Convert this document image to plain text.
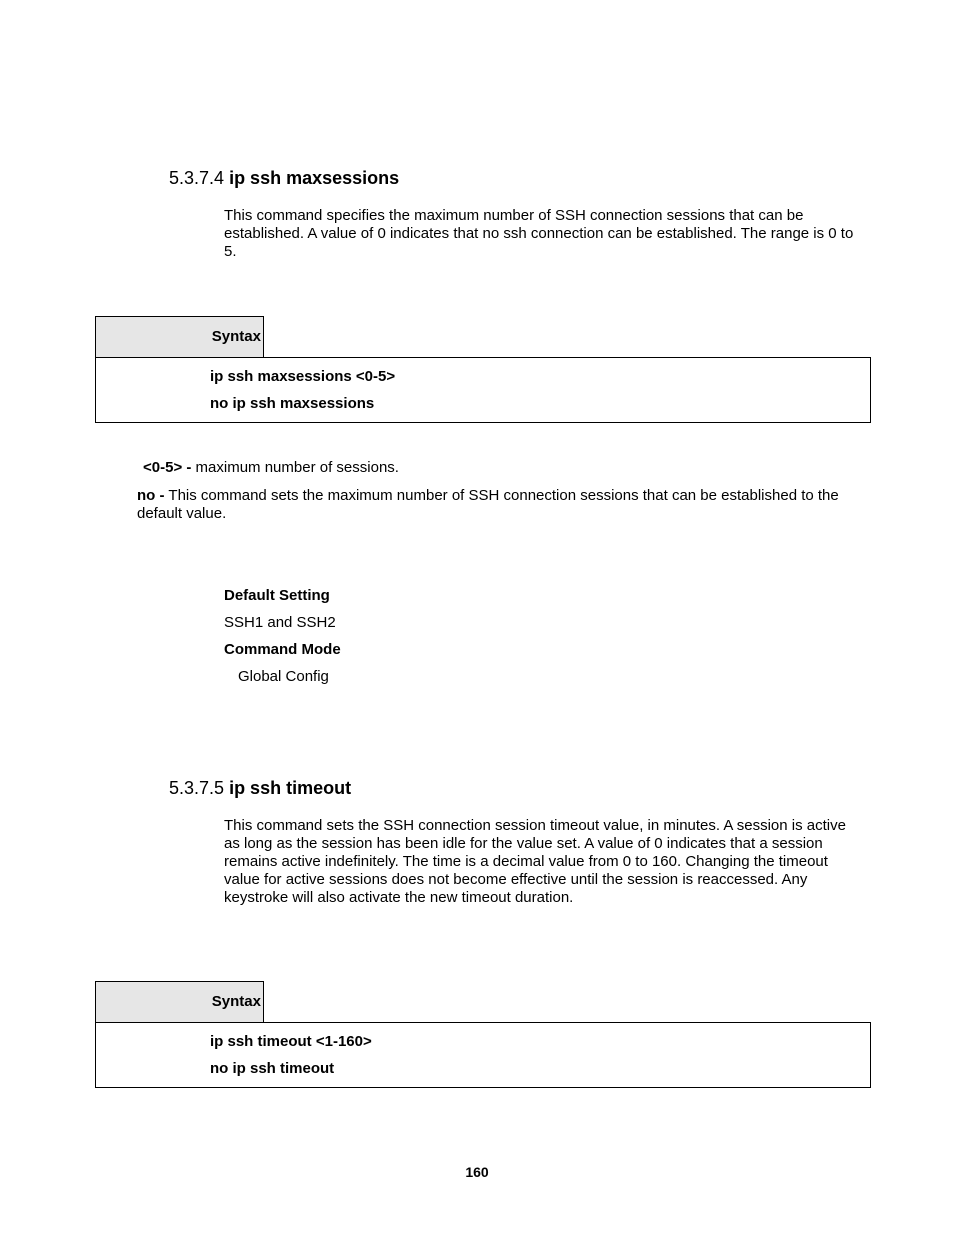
5.3.7.4 ip ssh maxsessions
This command specifies the maximum number of SSH connection sessions that can be established. A value of 0 indicates that no ssh connection can be established. The range is 0 to 5.
Syntax
ip ssh maxsessions <0-5>
no ip ssh maxsessions
<0-5> - maximum number of sessions.
no - This command sets the maximum number of SSH connection sessions that can be established to the default value.
Default Setting
SSH1 and SSH2
Command Mode
Global Config
5.3.7.5 ip ssh timeout
This command sets the SSH connection session timeout value, in minutes. A session is active as long as the session has been idle for the value set. A value of 0 indicates that a session remains active indefinitely. The time is a decimal value from 0 to 160. Changing the timeout value for active sessions does not become effective until the session is reaccessed. Any keystroke will also activate the new timeout duration.
Syntax
ip ssh timeout <1-160>
no ip ssh timeout
160
